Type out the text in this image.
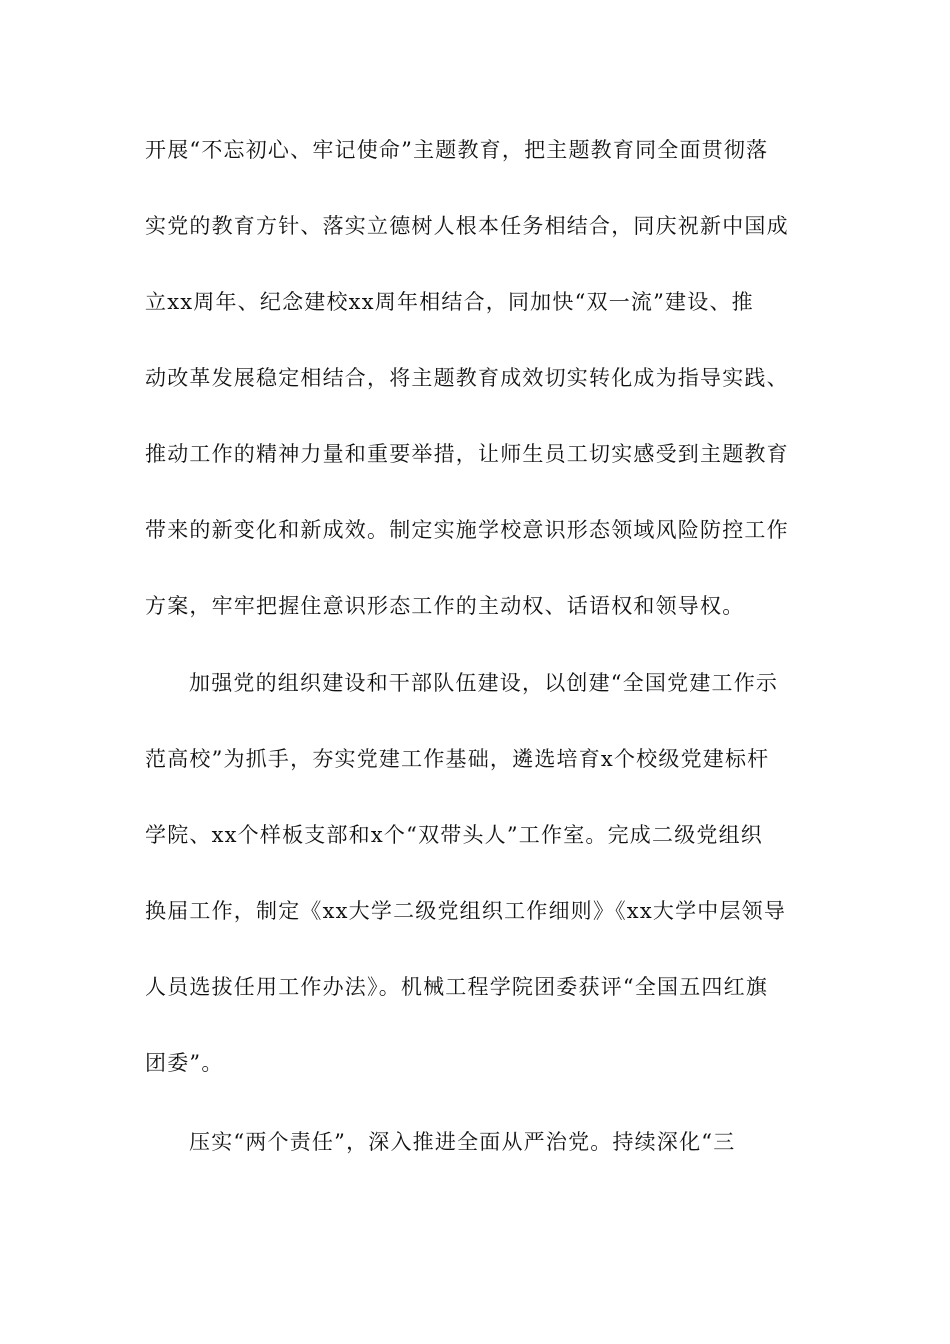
开展“不忘初心、牢记使命”主题教育，把主题教育同全面贯彻落
实党的教育方针、落实立德树人根本任务相结合，同庆祝新中国成
立xx周年、纪念建校xx周年相结合，同加快“双一流”建设、推
动改革发展稳定相结合，将主题教育成效切实转化成为指导实践、
推动工作的精神力量和重要举措，让师生员工切实感受到主题教育
带来的新变化和新成效。制定实施学校意识形态领域风险防控工作
方案，牢牢把握住意识形态工作的主动权、话语权和领导权。
加强党的组织建设和干部队伍建设，以创建“全国党建工作示
范高校”为抓手，夯实党建工作基础，遴选培育x个校级党建标杆
学院、xx个样板支部和x个“双带头人”工作室。完成二级党组织
换届工作，制定《xx大学二级党组织工作细则》《xx大学中层领导
人员选拔任用工作办法》。机械工程学院团委获评“全国五四红旗
团委”。
压实“两个责任”，深入推进全面从严治党。持续深化“三
